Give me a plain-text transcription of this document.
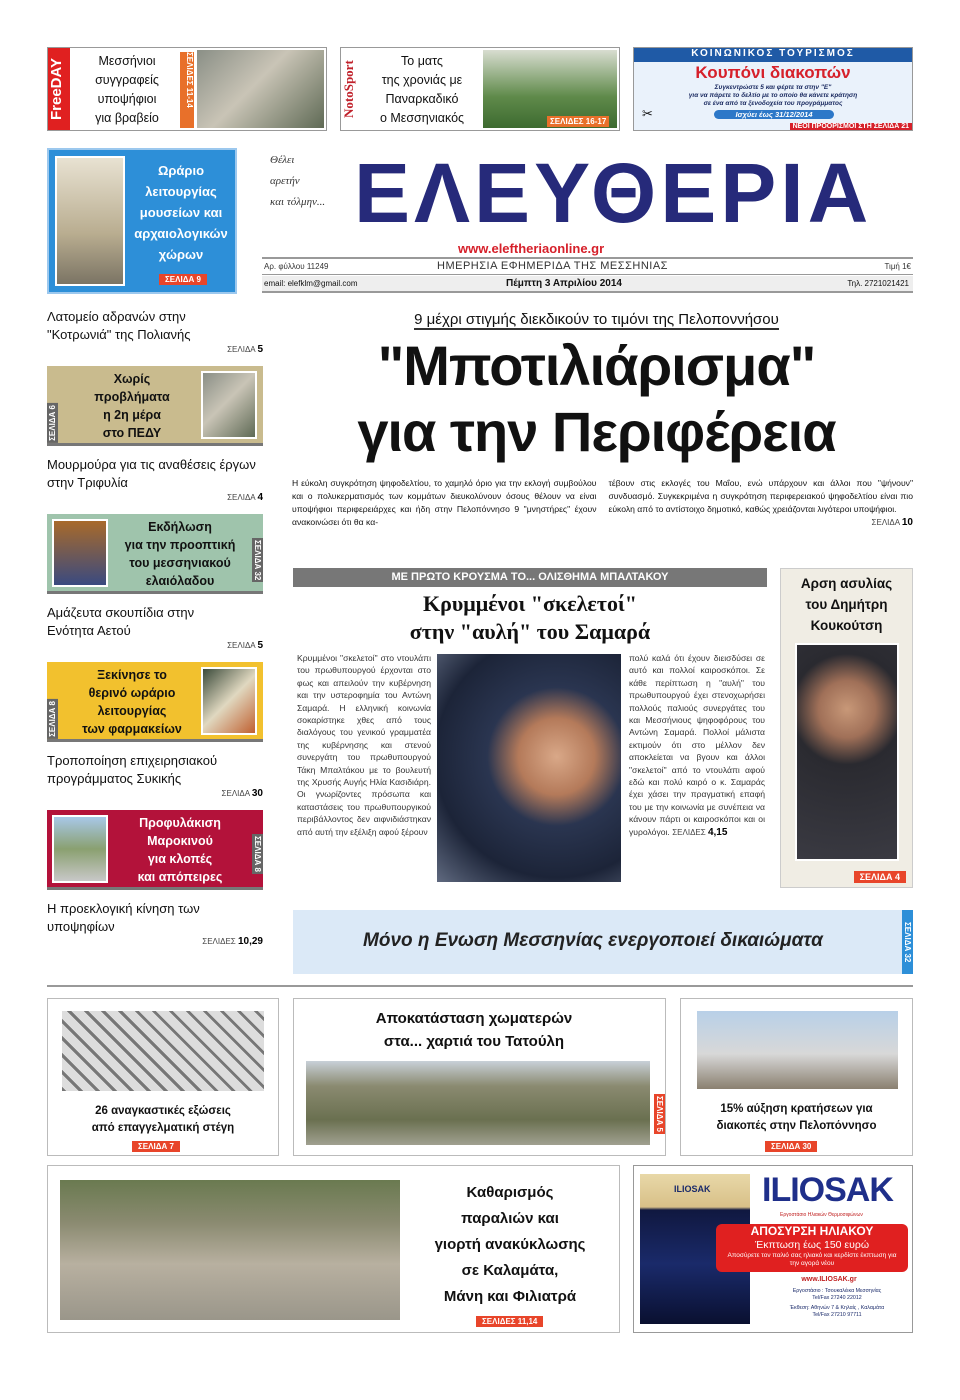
FreeDAY	Μεσσήνιοι
συγγραφείς
υποψήφιοι
για βραβείο
ΣΕΛΙΔΕΣ 11-14	NotoSport	Το ματς
της χρονιάς με
Παναρκαδικό
ο Μεσσηνιακός	ΣΕΛΙΔΕΣ 16-17
ΚΟΙΝΩΝΙΚΟΣ ΤΟΥΡΙΣΜΟΣ
Κουπόνι διακοπών
Συγκεντρώστε 5 και φέρτε τα στην "Ε"
για να πάρετε το δελτίο με το οποίο θα κάνετε κράτηση
σε ένα από τα ξενοδοχεία του προγράμματος
✂	Ισχύει έως 31/12/2014
ΝΕΟΙ ΠΡΟΟΡΙΣΜΟΙ ΣΤΗ ΣΕΛΙΔΑ 21
Ωράριο
λειτουργίας
μουσείων και
αρχαιολογικών
χώρων
ΣΕΛΙΔΑ 9
Θέλει
αρετήν
και τόλμην... ΕΛΕΥΘΕΡΙΑ
www.eleftheriaonline.gr
Αρ. φύλλου 11249	ΗΜΕΡΗΣΙΑ ΕΦΗΜΕΡΙΔΑ ΤΗΣ ΜΕΣΣΗΝΙΑΣ	Τιμή 1€
email: elefklm@gmail.com	Πέμπτη 3 Απριλίου 2014	Τηλ. 2721021421
Λατομείο αδρανών στην "Κοτρωνιά" της Πολιανής
ΣΕΛΙΔΑ 5
ΣΕΛΙΔΑ 6
Χωρίς
προβλήματα
η 2η μέρα
στο ΠΕΔΥ
Μουρμούρα για τις αναθέσεις έργων στην Τριφυλία
ΣΕΛΙΔΑ 4
Εκδήλωση
για την προοπτική
του μεσσηνιακού
ελαιόλαδου
ΣΕΛΙΔΑ 32
Αμάζευτα σκουπίδια στην Ενότητα Αετού
ΣΕΛΙΔΑ 5
ΣΕΛΙΔΑ 8
Ξεκίνησε το
θερινό ωράριο
λειτουργίας
των φαρμακείων
Τροποποίηση επιχειρησιακού προγράμματος Συκικής
ΣΕΛΙΔΑ 30
Προφυλάκιση
Μαροκινού
για κλοπές
και απόπειρες
ΣΕΛΙΔΑ 8
Η προεκλογική κίνηση των υποψηφίων
ΣΕΛΙΔΕΣ 10,29
9 μέχρι στιγμής διεκδικούν το τιμόνι της Πελοποννήσου
"Μποτιλιάρισμα"
για την Περιφέρεια
Η εύκολη συγκρότηση ψηφοδελτίου, το χαμηλό όριο για την εκλογή συμβούλου και ο πολυκερματισμός των κομμάτων διευκολύνουν όσους θέλουν να είναι υποψήφιοι περιφερειάρχες και ήδη στην Πελοπόννησο 9 "μνηστήρες" έχουν ανακοινώσει ότι θα κα-
τέβουν στις εκλογές του Μαΐου, ενώ υπάρχουν και άλλοι που "ψήνουν" συνδυασμό. Συγκεκριμένα η συγκρότηση περιφερειακού ψηφοδελτίου είναι πιο εύκολη από το αντίστοιχο δημοτικό, καθώς χρειάζονται λιγότεροι υποψήφιοι.
ΣΕΛΙΔΑ 10
ΜΕ ΠΡΩΤΟ ΚΡΟΥΣΜΑ ΤΟ... ΟΛΙΣΘΗΜΑ ΜΠΑΛΤΑΚΟΥ
Κρυμμένοι "σκελετοί"
στην "αυλή" του Σαμαρά
Κρυμμένοι "σκελετοί" στο ντουλάπι του πρωθυπουργού έρχονται στο φως και απειλούν την κυβέρνηση και την υστεροφημία του Αντώνη Σαμαρά. Η ελληνική κοινωνία σοκαρίστηκε χθες από τους διαλόγους του γενικού γραμματέα της κυβέρνησης και στενού συνεργάτη του πρωθυπουργού Τάκη Μπαλτάκου με το βουλευτή της Χρυσής Αυγής Ηλία Κασιδιάρη. Οι γνωρίζοντες πρόσωπα και καταστάσεις του πρωθυπουργικού περιβάλλοντος δεν αιφνιδιάστηκαν από αυτή την εξέλιξη αφού ξέρουν
πολύ καλά ότι έχουν διεισδύσει σε αυτό και πολλοί καιροσκόποι. Σε κάθε περίπτωση η "αυλή" του πρωθυπουργού έχει στενοχωρήσει πολλούς παλιούς συνεργάτες του και Μεσσήνιους ψηφοφόρους του Αντώνη Σαμαρά. Πολλοί μάλιστα εκτιμούν ότι στο μέλλον δεν αποκλείεται να βγουν και άλλοι "σκελετοί" από το ντουλάπι αφού εδώ και πολύ καιρό ο κ. Σαμαράς έχει χάσει την πραγματική επαφή του με την κοινωνία με συνέπεια να κάνουν πάρτι οι καιροσκόποι και οι γυρολόγοι. ΣΕΛΙΔΕΣ 4,15
Αρση ασυλίας
του Δημήτρη
Κουκούτση
ΣΕΛΙΔΑ 4
Μόνο η Ενωση Μεσσηνίας ενεργοποιεί δικαιώματα	ΣΕΛΙΔΑ 32
26 αναγκαστικές εξώσεις
από επαγγελματική στέγη
ΣΕΛΙΔΑ 7
Αποκατάσταση χωματερών
στα... χαρτιά του Τατούλη
ΣΕΛΙΔΑ 5	15% αύξηση κρατήσεων για
διακοπές στην Πελοπόννησο
ΣΕΛΙΔΑ 30
Καθαρισμός
παραλιών και
γιορτή ανακύκλωσης
σε Καλαμάτα,
Μάνη και Φιλιατρά
ΣΕΛΙΔΕΣ 11,14
ILIOSAK ILIOSAK
Εργοστάσιο Ηλιακών Θερμοσιφώνων
ΑΠΟΣΥΡΣΗ ΗΛΙΑΚΟΥ
Έκπτωση έως 150 ευρώ
Αποσύρετε τον παλιό σας ηλιακό και κερδίστε έκπτωση για την αγορά νέου
www.ILIOSAK.gr
Εργοστάσιο : Τσουκαλέικα Μεσσηνίας
Tel/Fax 27240 22012
Έκθεση: Αθηνών 7 & Κηλαίς , Καλαμάτα
Tel/Fax 27210 97711
